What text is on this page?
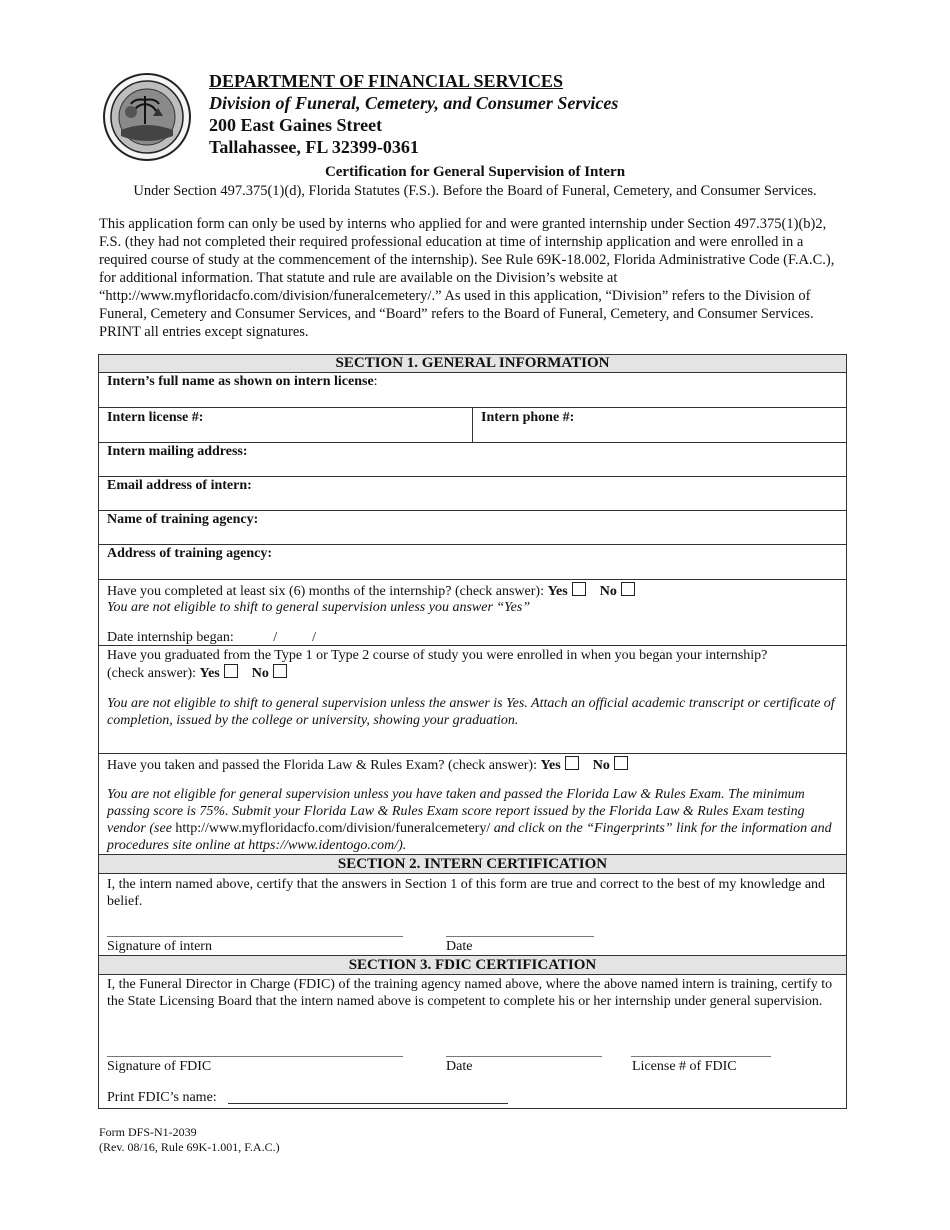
DEPARTMENT OF FINANCIAL SERVICES
Division of Funeral, Cemetery, and Consumer Services
200 East Gaines Street
Tallahassee, FL 32399-0361
Certification for General Supervision of Intern
Under Section 497.375(1)(d), Florida Statutes (F.S.). Before the Board of Funeral, Cemetery, and Consumer Services.
This application form can only be used by interns who applied for and were granted internship under Section 497.375(1)(b)2, F.S. (they had not completed their required professional education at time of internship application and were enrolled in a required course of study at the commencement of the internship). See Rule 69K-18.002, Florida Administrative Code (F.A.C.), for additional information. That statute and rule are available on the Division’s website at “http://www.myfloridacfo.com/division/funeralcemetery/.” As used in this application, “Division” refers to the Division of Funeral, Cemetery and Consumer Services, and “Board” refers to the Board of Funeral, Cemetery, and Consumer Services. PRINT all entries except signatures.
SECTION 1. GENERAL INFORMATION
Intern’s full name as shown on intern license:
Intern license #:	Intern phone #:
Intern mailing address:
Email address of intern:
Name of training agency:
Address of training agency:
Have you completed at least six (6) months of the internship? (check answer): Yes No
You are not eligible to shift to general supervision unless you answer “Yes”
Date internship began:	/          /
Have you graduated from the Type 1 or Type 2 course of study you were enrolled in when you began your internship?
(check answer): Yes No
You are not eligible to shift to general supervision unless the answer is Yes. Attach an official academic transcript or certificate of completion, issued by the college or university, showing your graduation.
Have you taken and passed the Florida Law & Rules Exam? (check answer): Yes No
You are not eligible for general supervision unless you have taken and passed the Florida Law & Rules Exam. The minimum passing score is 75%. Submit your Florida Law & Rules Exam score report issued by the Florida Law & Rules Exam testing vendor (see http://www.myfloridacfo.com/division/funeralcemetery/ and click on the “Fingerprints” link for the information and procedures site online at https://www.identogo.com/).
SECTION 2. INTERN CERTIFICATION
I, the intern named above, certify that the answers in Section 1 of this form are true and correct to the best of my knowledge and belief.
Signature of intern	Date
SECTION 3. FDIC CERTIFICATION
I, the Funeral Director in Charge (FDIC) of the training agency named above, where the above named intern is training, certify to the State Licensing Board that the intern named above is competent to complete his or her internship under general supervision.
Signature of FDIC	Date	License # of FDIC
Print FDIC’s name:
Form DFS-N1-2039
(Rev. 08/16, Rule 69K-1.001, F.A.C.)
